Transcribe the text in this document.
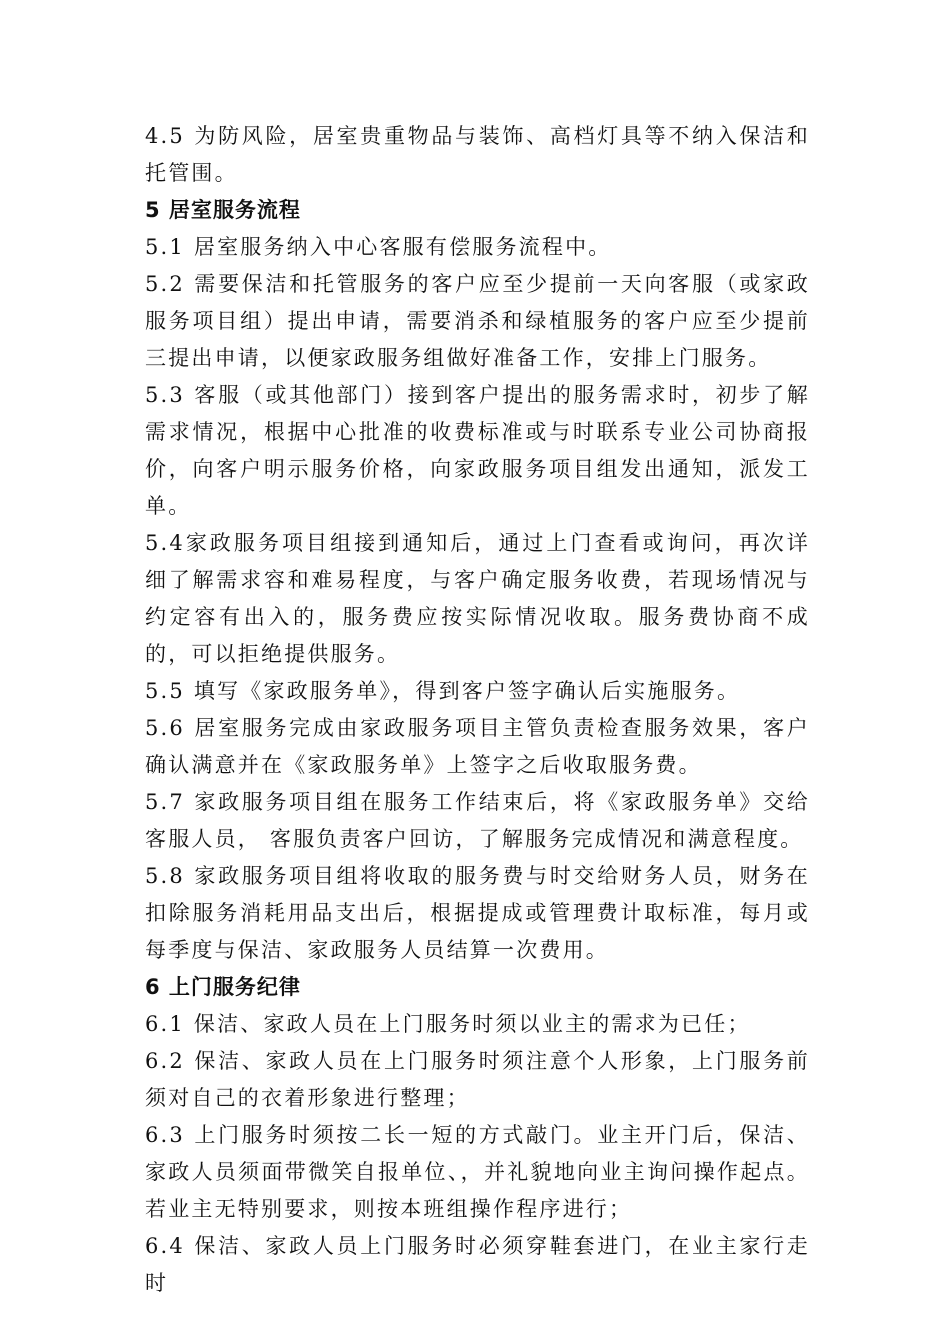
4.5 为防风险，居室贵重物品与装饰、高档灯具等不纳入保洁和托管围。

5 居室服务流程

5.1 居室服务纳入中心客服有偿服务流程中。

5.2 需要保洁和托管服务的客户应至少提前一天向客服（或家政服务项目组）提出申请，需要消杀和绿植服务的客户应至少提前三提出申请，以便家政服务组做好准备工作，安排上门服务。

5.3 客服（或其他部门）接到客户提出的服务需求时，初步了解需求情况，根据中心批准的收费标准或与时联系专业公司协商报价，向客户明示服务价格，向家政服务项目组发出通知，派发工单。

5.4家政服务项目组接到通知后，通过上门查看或询问，再次详细了解需求容和难易程度，与客户确定服务收费，若现场情况与约定容有出入的，服务费应按实际情况收取。服务费协商不成的，可以拒绝提供服务。

5.5 填写《家政服务单》，得到客户签字确认后实施服务。

5.6 居室服务完成由家政服务项目主管负责检查服务效果，客户确认满意并在《家政服务单》上签字之后收取服务费。

5.7 家政服务项目组在服务工作结束后，将《家政服务单》交给客服人员， 客服负责客户回访，了解服务完成情况和满意程度。

5.8 家政服务项目组将收取的服务费与时交给财务人员，财务在扣除服务消耗用品支出后，根据提成或管理费计取标准，每月或每季度与保洁、家政服务人员结算一次费用。

6 上门服务纪律

6.1 保洁、家政人员在上门服务时须以业主的需求为已任；

6.2 保洁、家政人员在上门服务时须注意个人形象，上门服务前须对自己的衣着形象进行整理；

6.3 上门服务时须按二长一短的方式敲门。业主开门后，保洁、家政人员须面带微笑自报单位、，并礼貌地向业主询问操作起点。若业主无特别要求，则按本班组操作程序进行；

6.4 保洁、家政人员上门服务时必须穿鞋套进门，在业主家行走时
